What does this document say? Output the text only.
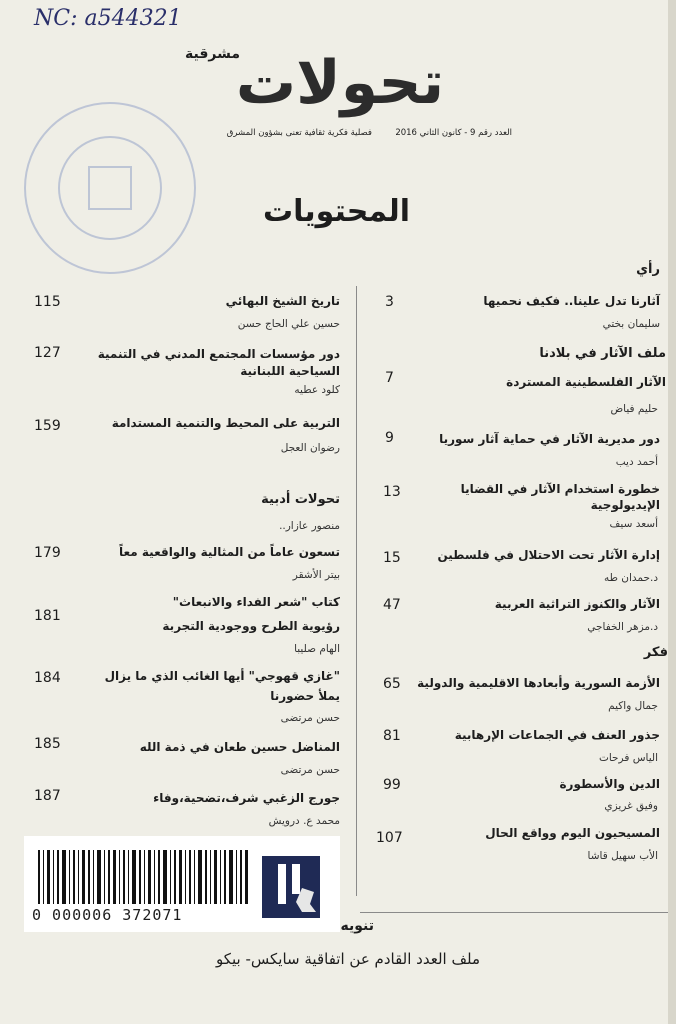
NC: a544321
مشرقية
تحولات
فصلية فكرية ثقافية تعنى بشؤون المشرق	العدد رقم 9 - كانون الثاني 2016
المحتويات
رأي
آثارنا تدل علينا.. فكيف نحميها
3
سليمان بختي
ملف الآثار في بلادنا
الآثار الفلسطينية المستردة
7
حليم فياض
دور مديرية الآثار في حماية آثار سوريا
9
أحمد ديب
خطورة استخدام الآثار في القضايا
الإيديولوجية
13
أسعد سيف
إدارة الآثار تحت الاحتلال في فلسطين
15
د.حمدان طه
الآثار والكنوز التراثية العربية
47
د.مزهر الخفاجي
فكر
الأزمة السورية وأبعادها الاقليمية والدولية
65
جمال واكيم
جذور العنف في الجماعات الإرهابية
81
الياس فرحات
الدين والأسطورة
99
وفيق غريزي
المسيحيون اليوم وواقع الحال
107
الأب سهيل قاشا
تاريخ الشيخ البهائي
115
حسين علي الحاج حسن
دور مؤسسات المجتمع المدني في التنمية
السياحية اللبنانية
127
كلود عطيه
التربية على المحيط والتنمية المستدامة
159
رضوان العجل
تحولات أدبية
منصور عازار..
تسعون عاماً من المثالية والواقعية معاً
179
بيتر الأشقر
كتاب "شعر الفداء والانبعاث"
رؤيوية الطرح ووجودية التجربة
181
الهام صليبا
"غازي قهوجي" أيها الغائب الذي ما يزال
يملأ حضورنا
184
حسن مرتضى
المناضل حسين طعان في ذمة الله
185
حسن مرتضى
جورج الزغبي شرف،تضحية،وفاء
187
محمد ع. درويش
0 000006 372071
تنويه
ملف العدد القادم عن اتفاقية سايكس- بيكو
